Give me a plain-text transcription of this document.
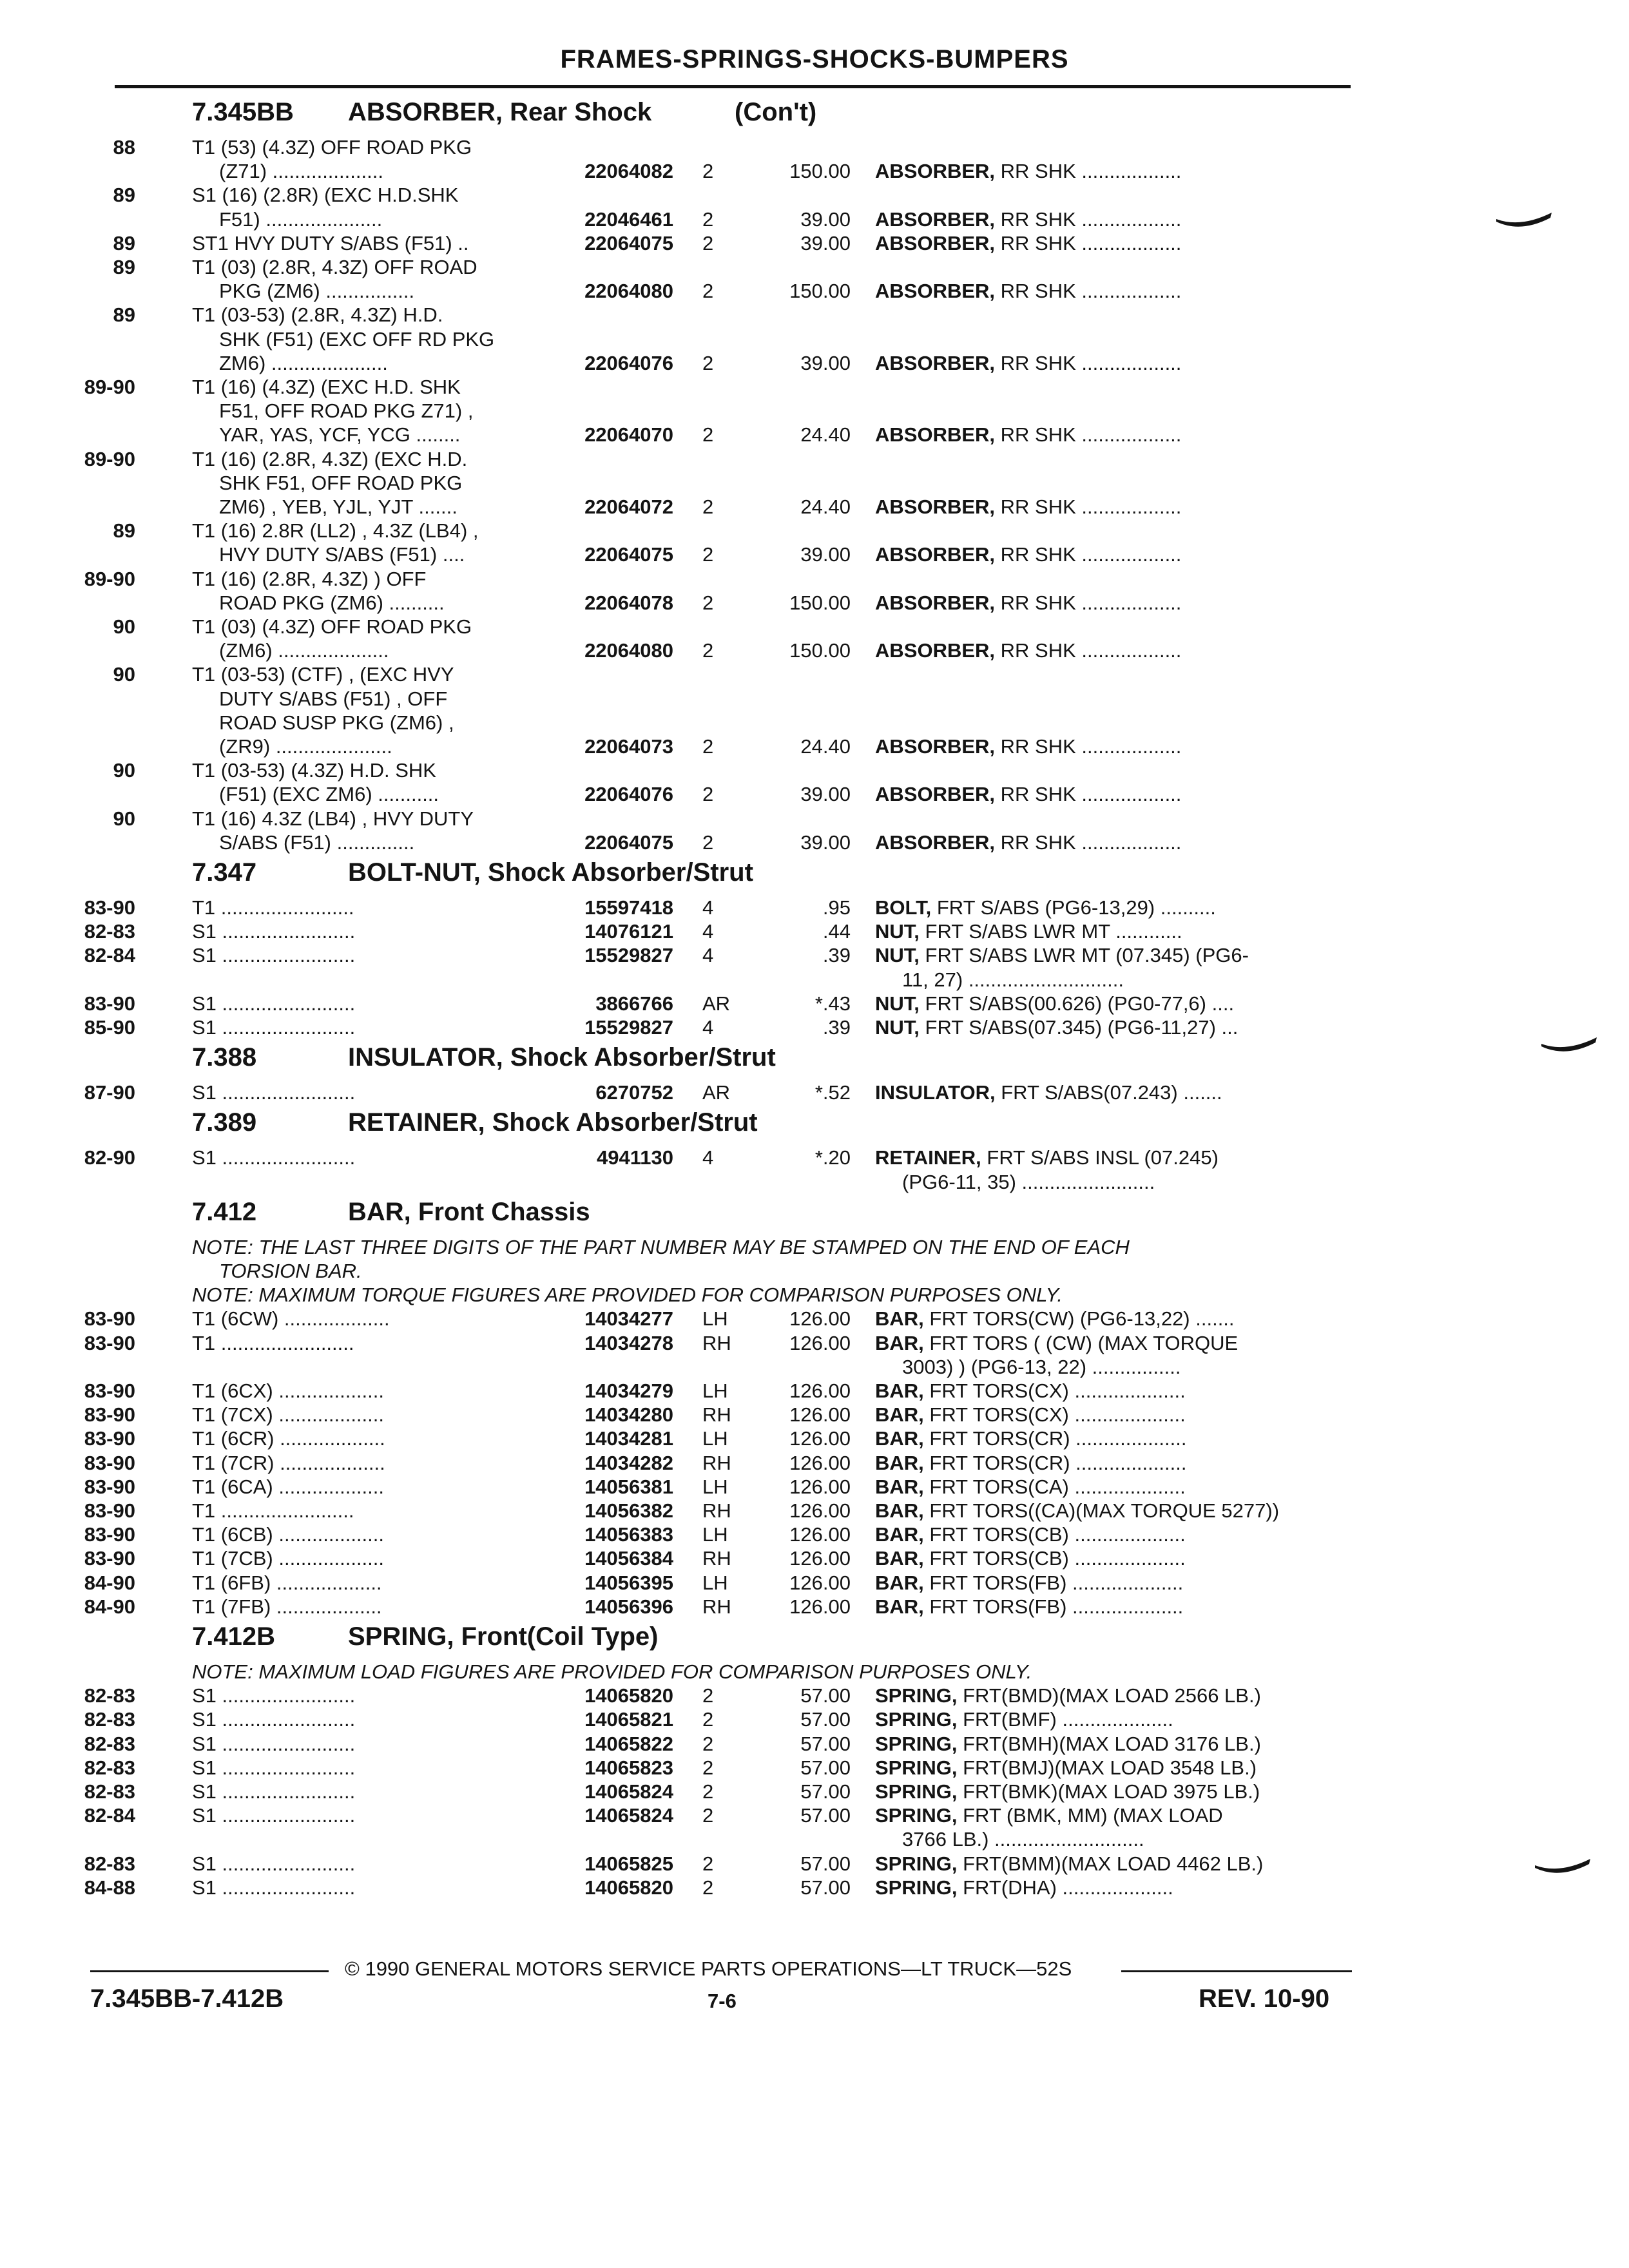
FRAMES-SPRINGS-SHOCKS-BUMPERS
7.345BB ABSORBER, Rear Shock	(Con't)
88	T1 (53) (4.3Z) OFF ROAD PKG
(Z71) ....................	22064082 2	150.00 ABSORBER, RR SHK ..................
89	S1 (16) (2.8R) (EXC H.D.SHK
F51) .....................	22046461 2	39.00 ABSORBER, RR SHK ..................
89	ST1 HVY DUTY S/ABS (F51) ..	22064075 2	39.00 ABSORBER, RR SHK ..................
89	T1 (03) (2.8R, 4.3Z) OFF ROAD
PKG (ZM6) ................	22064080 2	150.00 ABSORBER, RR SHK ..................
89	T1 (03-53) (2.8R, 4.3Z) H.D.
SHK (F51) (EXC OFF RD PKG
ZM6) .....................	22064076 2	39.00 ABSORBER, RR SHK ..................
89-90	T1 (16) (4.3Z) (EXC H.D. SHK
F51, OFF ROAD PKG Z71) ,
YAR, YAS, YCF, YCG ........	22064070 2	24.40 ABSORBER, RR SHK ..................
89-90	T1 (16) (2.8R, 4.3Z) (EXC H.D.
SHK F51, OFF ROAD PKG
ZM6) , YEB, YJL, YJT .......	22064072 2	24.40 ABSORBER, RR SHK ..................
89	T1 (16) 2.8R (LL2) , 4.3Z (LB4) ,
HVY DUTY S/ABS (F51) ....	22064075 2	39.00 ABSORBER, RR SHK ..................
89-90	T1 (16) (2.8R, 4.3Z) ) OFF
ROAD PKG (ZM6) ..........	22064078 2	150.00 ABSORBER, RR SHK ..................
90	T1 (03) (4.3Z) OFF ROAD PKG
(ZM6) ....................	22064080 2	150.00 ABSORBER, RR SHK ..................
90	T1 (03-53) (CTF) , (EXC HVY
DUTY S/ABS (F51) , OFF
ROAD SUSP PKG (ZM6) ,
(ZR9) .....................	22064073 2	24.40 ABSORBER, RR SHK ..................
90	T1 (03-53) (4.3Z) H.D. SHK
(F51) (EXC ZM6) ...........	22064076 2	39.00 ABSORBER, RR SHK ..................
90	T1 (16) 4.3Z (LB4) , HVY DUTY
S/ABS (F51) ..............	22064075 2	39.00 ABSORBER, RR SHK ..................
7.347	BOLT-NUT, Shock Absorber/Strut
83-90	T1 ........................	15597418 4	.95 BOLT, FRT S/ABS (PG6-13,29) ..........
82-83	S1 ........................	14076121 4	.44 NUT, FRT S/ABS LWR MT ............
82-84	S1 ........................	15529827 4	.39 NUT, FRT S/ABS LWR MT (07.345) (PG6-
11, 27) ............................
83-90	S1 ........................	3866766 AR	*.43 NUT, FRT S/ABS(00.626) (PG0-77,6) ....
85-90	S1 ........................	15529827 4	.39 NUT, FRT S/ABS(07.345) (PG6-11,27) ...
7.388	INSULATOR, Shock Absorber/Strut
87-90	S1 ........................	6270752 AR	*.52 INSULATOR, FRT S/ABS(07.243) .......
7.389	RETAINER, Shock Absorber/Strut
82-90	S1 ........................	4941130 4	*.20 RETAINER, FRT S/ABS INSL (07.245)
(PG6-11, 35) ........................
7.412	BAR, Front Chassis
NOTE: THE LAST THREE DIGITS OF THE PART NUMBER MAY BE STAMPED ON THE END OF EACH
TORSION BAR.
NOTE: MAXIMUM TORQUE FIGURES ARE PROVIDED FOR COMPARISON PURPOSES ONLY.
83-90	T1 (6CW) ...................	14034277 LH	126.00 BAR, FRT TORS(CW) (PG6-13,22) .......
83-90	T1 ........................	14034278 RH	126.00 BAR, FRT TORS ( (CW) (MAX TORQUE
3003) ) (PG6-13, 22) ................
83-90	T1 (6CX) ...................	14034279 LH	126.00 BAR, FRT TORS(CX) ....................
83-90	T1 (7CX) ...................	14034280 RH	126.00 BAR, FRT TORS(CX) ....................
83-90	T1 (6CR) ...................	14034281 LH	126.00 BAR, FRT TORS(CR) ....................
83-90	T1 (7CR) ...................	14034282 RH	126.00 BAR, FRT TORS(CR) ....................
83-90	T1 (6CA) ...................	14056381 LH	126.00 BAR, FRT TORS(CA) ....................
83-90	T1 ........................	14056382 RH	126.00 BAR, FRT TORS((CA)(MAX TORQUE 5277))
83-90	T1 (6CB) ...................	14056383 LH	126.00 BAR, FRT TORS(CB) ....................
83-90	T1 (7CB) ...................	14056384 RH	126.00 BAR, FRT TORS(CB) ....................
84-90	T1 (6FB) ...................	14056395 LH	126.00 BAR, FRT TORS(FB) ....................
84-90	T1 (7FB) ...................	14056396 RH	126.00 BAR, FRT TORS(FB) ....................
7.412B	SPRING, Front(Coil Type)
NOTE: MAXIMUM LOAD FIGURES ARE PROVIDED FOR COMPARISON PURPOSES ONLY.
82-83	S1 ........................	14065820 2	57.00 SPRING, FRT(BMD)(MAX LOAD 2566 LB.)
82-83	S1 ........................	14065821 2	57.00 SPRING, FRT(BMF) ....................
82-83	S1 ........................	14065822 2	57.00 SPRING, FRT(BMH)(MAX LOAD 3176 LB.)
82-83	S1 ........................	14065823 2	57.00 SPRING, FRT(BMJ)(MAX LOAD 3548 LB.)
82-83	S1 ........................	14065824 2	57.00 SPRING, FRT(BMK)(MAX LOAD 3975 LB.)
82-84	S1 ........................	14065824 2	57.00 SPRING, FRT (BMK, MM) (MAX LOAD
3766 LB.) ...........................
82-83	S1 ........................	14065825 2	57.00 SPRING, FRT(BMM)(MAX LOAD 4462 LB.)
84-88	S1 ........................	14065820 2	57.00 SPRING, FRT(DHA) ....................
© 1990 GENERAL MOTORS SERVICE PARTS OPERATIONS—LT TRUCK—52S
7.345BB-7.412B	7-6	REV. 10-90
